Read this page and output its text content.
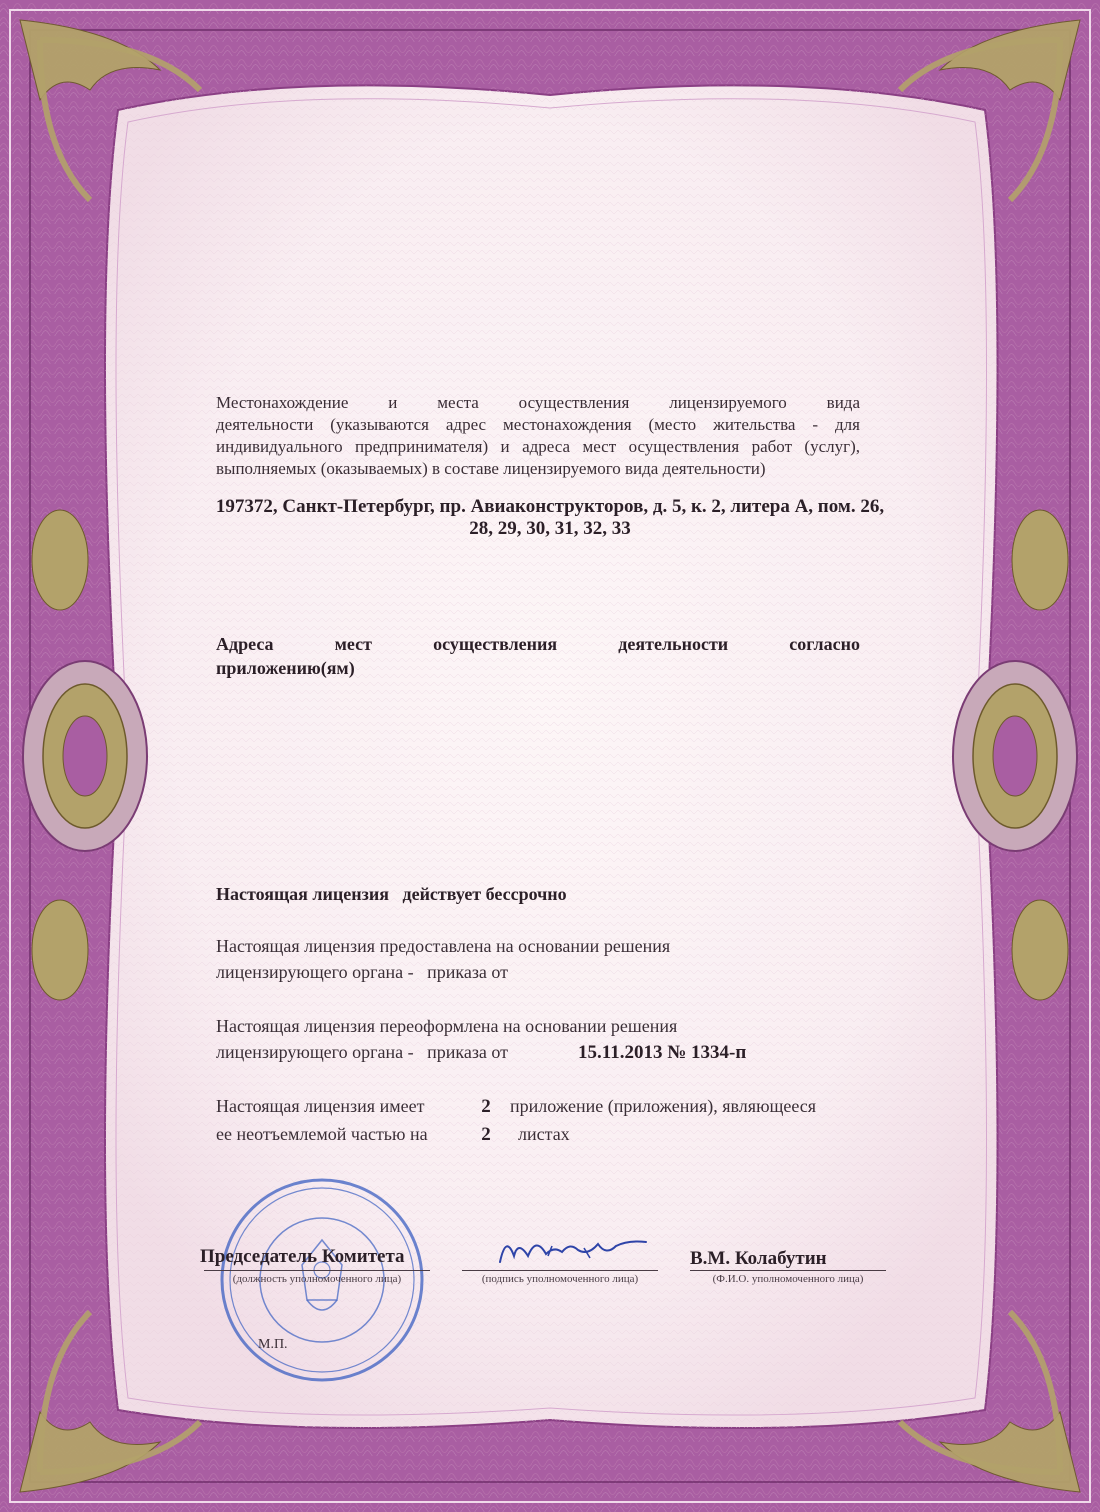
Местонахождение и места осуществления лицензируемого вида
деятельности (указываются адрес местонахождения (место жительства - для
индивидуального предпринимателя) и адреса мест осуществления работ (услуг),
выполняемых (оказываемых) в составе лицензируемого вида деятельности)
197372, Санкт-Петербург, пр. Авиаконструкторов, д. 5, к. 2, литера А, пом. 26,
28, 29, 30, 31, 32, 33
Адреса мест осуществления деятельности согласно
приложению(ям)
Настоящая лицензия   действует бессрочно
Настоящая лицензия предоставлена на основании решения
лицензирующего органа -   приказа от
Настоящая лицензия переоформлена на основании решения
лицензирующего органа -   приказа от	15.11.2013 № 1334-п
Настоящая лицензия имеет	2	приложение (приложения), являющееся
ее неотъемлемой частью на	2	листах
Председатель Комитета
(должность уполномоченного лица)	(подпись уполномоченного лица)
В.М. Колабутин
(Ф.И.О. уполномоченного лица)
М.П.
